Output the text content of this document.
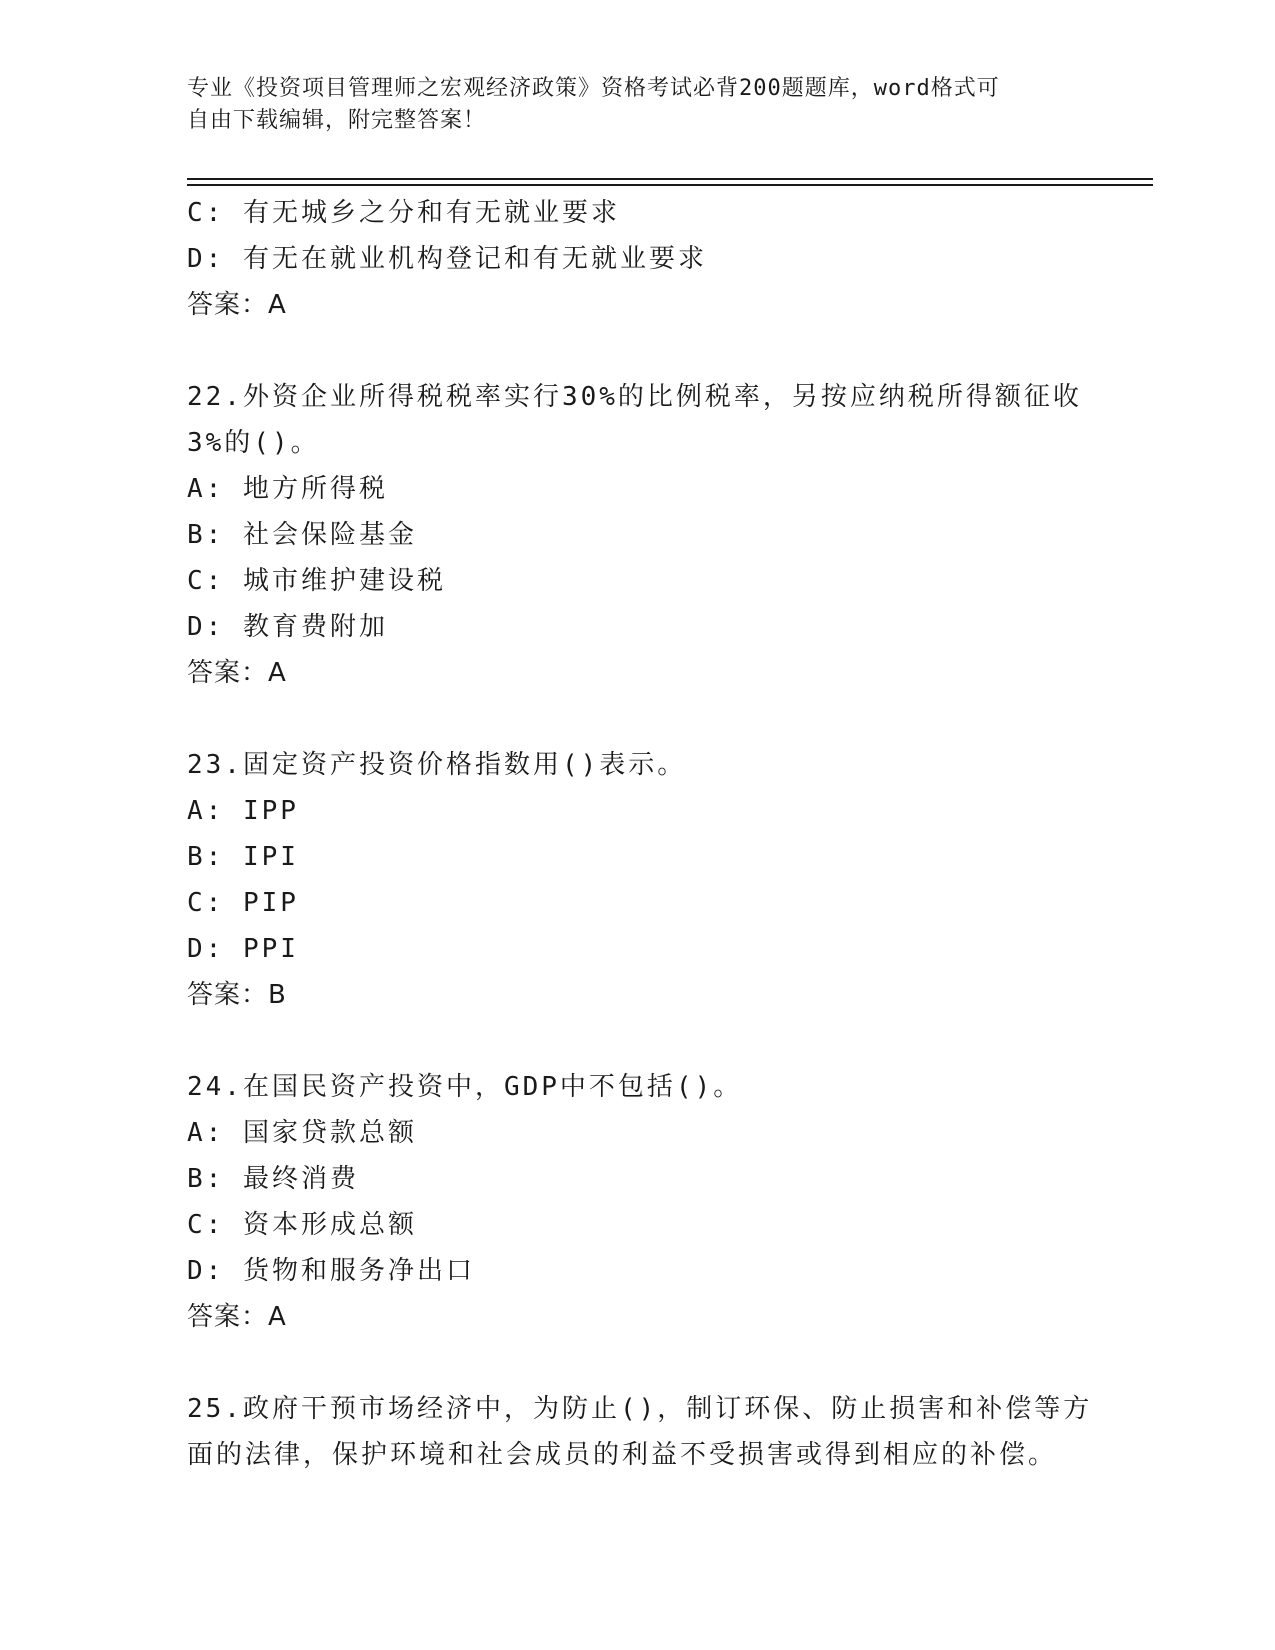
专业《投资项目管理师之宏观经济政策》资格考试必背200题题库，word格式可
自由下载编辑，附完整答案！
C: 有无城乡之分和有无就业要求
D: 有无在就业机构登记和有无就业要求
答案：A
22.外资企业所得税税率实行30%的比例税率，另按应纳税所得额征收
3%的()。
A: 地方所得税
B: 社会保险基金
C: 城市维护建设税
D: 教育费附加
答案：A
23.固定资产投资价格指数用()表示。
A: IPP
B: IPI
C: PIP
D: PPI
答案：B
24.在国民资产投资中，GDP中不包括()。
A: 国家贷款总额
B: 最终消费
C: 资本形成总额
D: 货物和服务净出口
答案：A
25.政府干预市场经济中，为防止()，制订环保、防止损害和补偿等方
面的法律，保护环境和社会成员的利益不受损害或得到相应的补偿。
